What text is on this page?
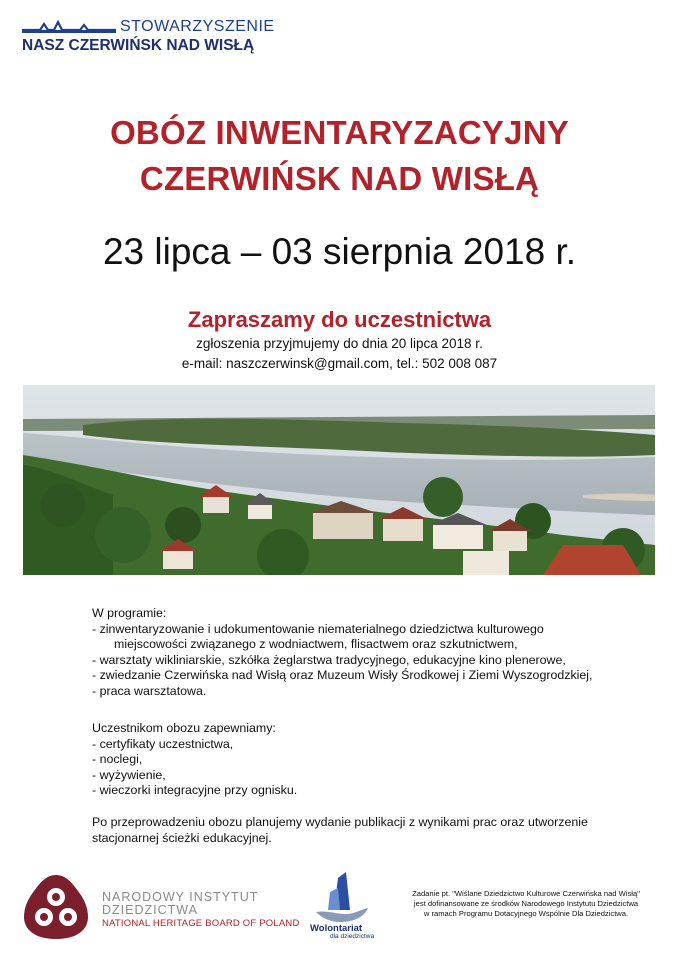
STOWARZYSZENIE
NASZ CZERWIŃSK NAD WISŁĄ
OBÓZ INWENTARYZACYJNY
CZERWIŃSK NAD WISŁĄ
23 lipca – 03 sierpnia 2018 r.
Zapraszamy do uczestnictwa
zgłoszenia przyjmujemy do dnia 20 lipca 2018 r.
e-mail: naszczerwinsk@gmail.com, tel.: 502 008 087
W programie:
- zinwentaryzowanie i udokumentowanie niematerialnego dziedzictwa kulturowego
miejscowości związanego z wodniactwem, flisactwem oraz szkutnictwem,
- warsztaty wikliniarskie, szkółka żeglarstwa tradycyjnego, edukacyjne kino plenerowe,
- zwiedzanie Czerwińska nad Wisłą oraz Muzeum Wisły Środkowej i Ziemi Wyszogrodzkiej,
- praca warsztatowa.
Uczestnikom obozu zapewniamy:
- certyfikaty uczestnictwa,
- noclegi,
- wyżywienie,
- wieczorki integracyjne przy ognisku.
Po przeprowadzeniu obozu planujemy wydanie publikacji z wynikami prac oraz utworzenie
stacjonarnej ścieżki edukacyjnej.
NARODOWY INSTYTUT
DZIEDZICTWA
NATIONAL HERITAGE BOARD OF POLAND Wolontariat
dla dziedzictwa
Zadanie pt. "Wiślane Dziedzictwo Kulturowe Czerwińska nad Wisłą"
jest dofinansowane ze środków Narodowego Instytutu Dziedzictwa
w ramach Programu Dotacyjnego Wspólnie Dla Dziedzictwa.
